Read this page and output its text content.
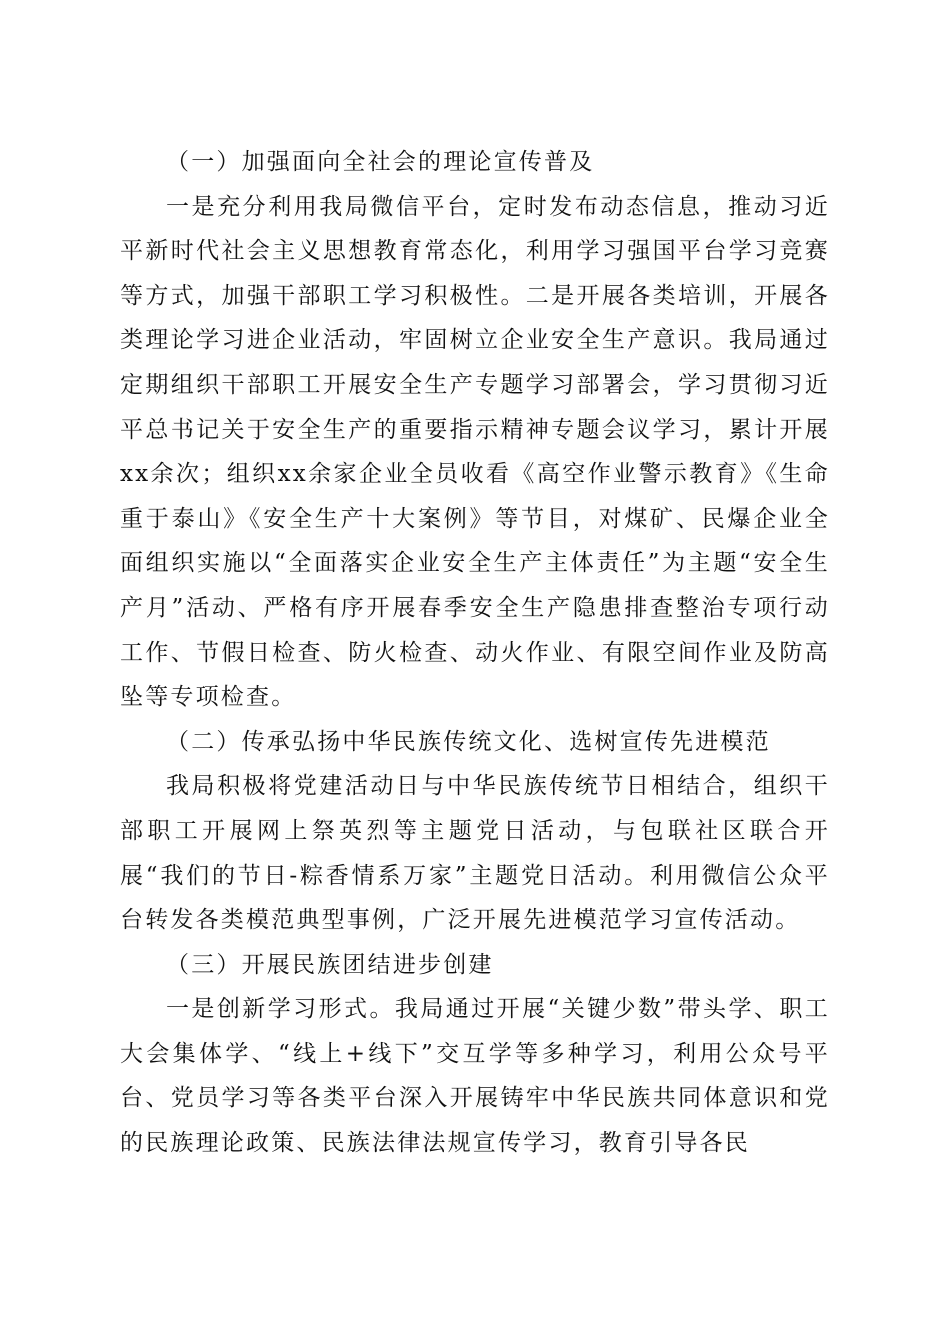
（一）加强面向全社会的理论宣传普及

一是充分利用我局微信平台，定时发布动态信息，推动习近平新时代社会主义思想教育常态化，利用学习强国平台学习竞赛等方式，加强干部职工学习积极性。二是开展各类培训，开展各类理论学习进企业活动，牢固树立企业安全生产意识。我局通过定期组织干部职工开展安全生产专题学习部署会，学习贯彻习近平总书记关于安全生产的重要指示精神专题会议学习，累计开展xx余次；组织xx余家企业全员收看《高空作业警示教育》《生命重于泰山》《安全生产十大案例》等节目，对煤矿、民爆企业全面组织实施以“全面落实企业安全生产主体责任”为主题“安全生产月”活动、严格有序开展春季安全生产隐患排查整治专项行动工作、节假日检查、防火检查、动火作业、有限空间作业及防高坠等专项检查。

（二）传承弘扬中华民族传统文化、选树宣传先进模范

我局积极将党建活动日与中华民族传统节日相结合，组织干部职工开展网上祭英烈等主题党日活动，与包联社区联合开展“我们的节日-粽香情系万家”主题党日活动。利用微信公众平台转发各类模范典型事例，广泛开展先进模范学习宣传活动。

（三）开展民族团结进步创建

一是创新学习形式。我局通过开展“关键少数”带头学、职工大会集体学、“线上+线下”交互学等多种学习，利用公众号平台、党员学习等各类平台深入开展铸牢中华民族共同体意识和党的民族理论政策、民族法律法规宣传学习，教育引导各民
